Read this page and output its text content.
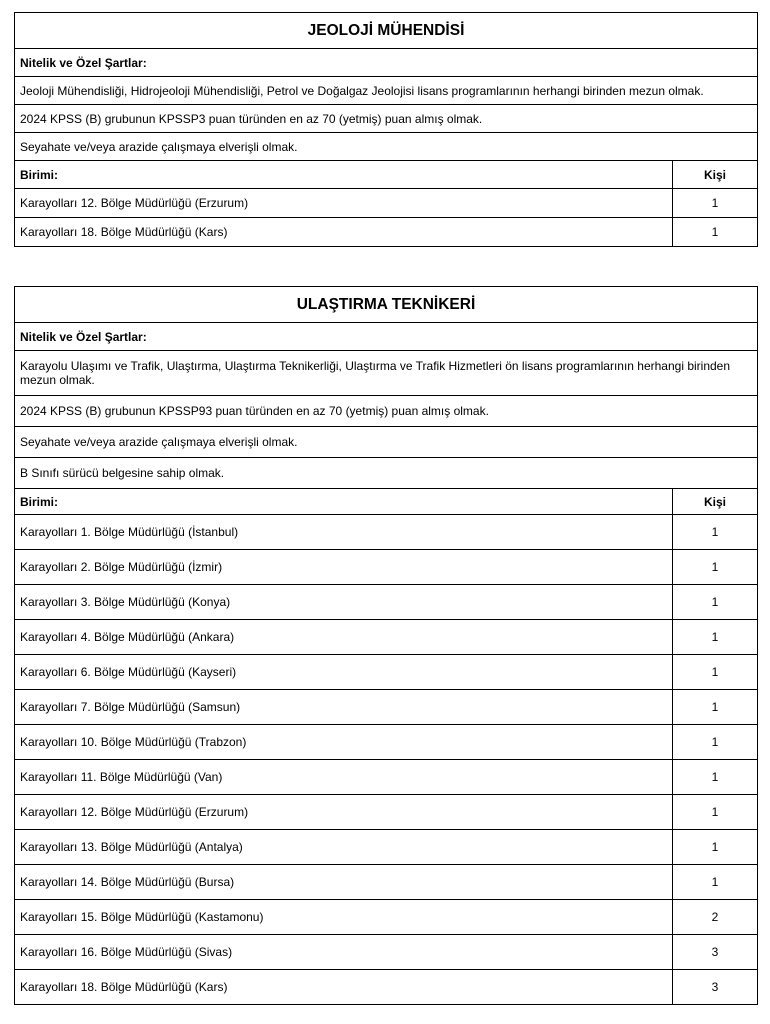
JEOLOJİ MÜHENDİSİ	
Nitelik ve Özel Şartlar:	
Jeoloji Mühendisliği, Hidrojeoloji Mühendisliği, Petrol ve Doğalgaz Jeolojisi lisans programlarının herhangi birinden mezun olmak.	
2024 KPSS (B) grubunun KPSSP3 puan türünden en az 70 (yetmiş) puan almış olmak.	
Seyahate ve/veya arazide çalışmaya elverişli olmak.	
Birimi:	Kişi
Karayolları 12. Bölge Müdürlüğü (Erzurum)	1
Karayolları 18. Bölge Müdürlüğü (Kars)	1
ULAŞTIRMA TEKNİKERİ	
Nitelik ve Özel Şartlar:	
Karayolu Ulaşımı ve Trafik, Ulaştırma, Ulaştırma Teknikerliği, Ulaştırma ve Trafik Hizmetleri ön lisans programlarının herhangi birinden mezun olmak.	
2024 KPSS (B) grubunun KPSSP93 puan türünden en az 70 (yetmiş) puan almış olmak.	
Seyahate ve/veya arazide çalışmaya elverişli olmak.	
B Sınıfı sürücü belgesine sahip olmak.	
Birimi:	Kişi
Karayolları 1. Bölge Müdürlüğü (İstanbul)	1
Karayolları 2. Bölge Müdürlüğü (İzmir)	1
Karayolları 3. Bölge Müdürlüğü (Konya)	1
Karayolları 4. Bölge Müdürlüğü (Ankara)	1
Karayolları 6. Bölge Müdürlüğü (Kayseri)	1
Karayolları 7. Bölge Müdürlüğü (Samsun)	1
Karayolları 10. Bölge Müdürlüğü (Trabzon)	1
Karayolları 11. Bölge Müdürlüğü (Van)	1
Karayolları 12. Bölge Müdürlüğü (Erzurum)	1
Karayolları 13. Bölge Müdürlüğü (Antalya)	1
Karayolları 14. Bölge Müdürlüğü (Bursa)	1
Karayolları 15. Bölge Müdürlüğü (Kastamonu)	2
Karayolları 16. Bölge Müdürlüğü (Sivas)	3
Karayolları 18. Bölge Müdürlüğü (Kars)	3
